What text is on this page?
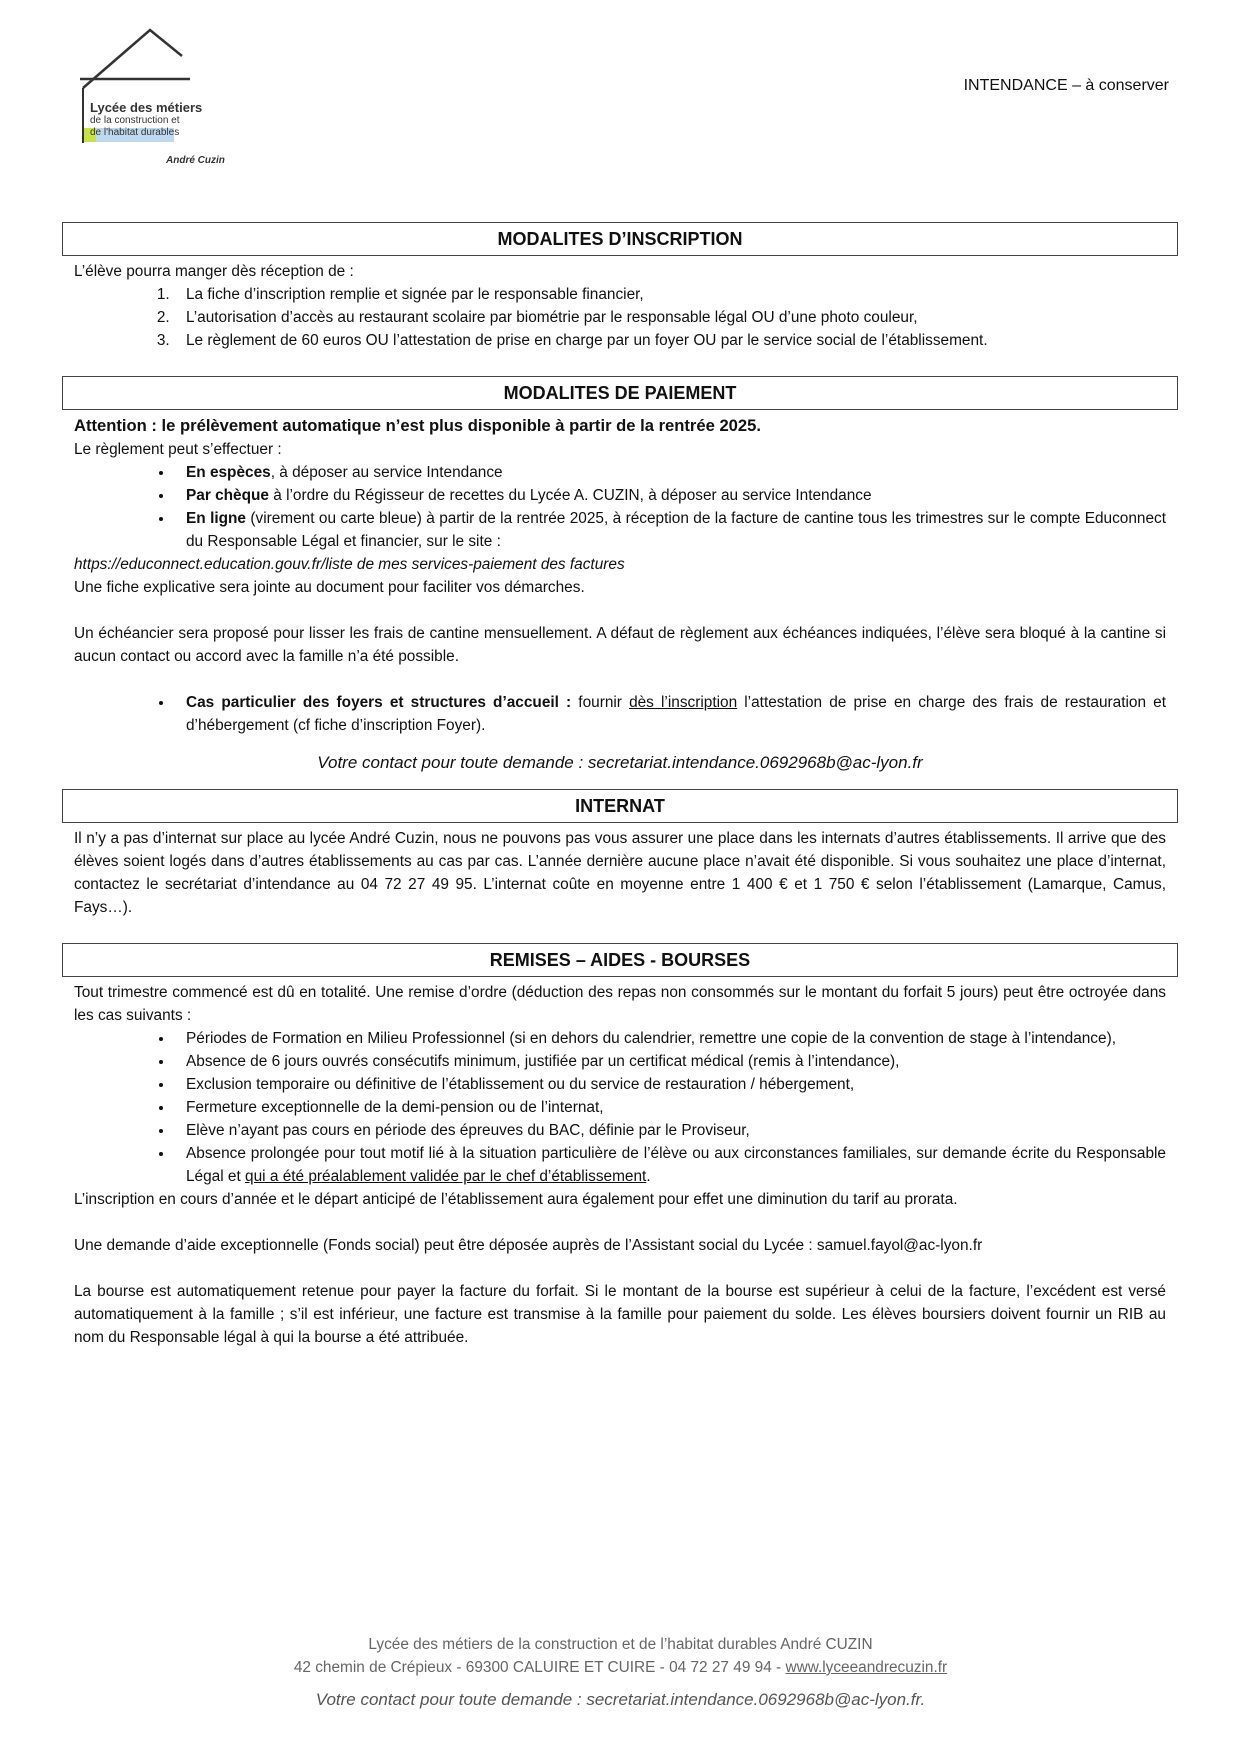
Lycée des métiers
de la construction et
de l'habitat durables
André Cuzin
INTENDANCE – à conserver
MODALITES D’INSCRIPTION
L’élève pourra manger dès réception de :
1. La fiche d’inscription remplie et signée par le responsable financier,
2. L’autorisation d’accès au restaurant scolaire par biométrie par le responsable légal OU d’une photo couleur,
3. Le règlement de 60 euros OU l’attestation de prise en charge par un foyer OU par le service social de l’établissement.
MODALITES DE PAIEMENT
Attention : le prélèvement automatique n’est plus disponible à partir de la rentrée 2025.
Le règlement peut s’effectuer :
• En espèces, à déposer au service Intendance
• Par chèque à l’ordre du Régisseur de recettes du Lycée A. CUZIN, à déposer au service Intendance
• En ligne (virement ou carte bleue) à partir de la rentrée 2025, à réception de la facture de cantine tous les trimestres sur le compte Educonnect du Responsable Légal et financier, sur le site :
https://educonnect.education.gouv.fr/liste de mes services-paiement des factures
Une fiche explicative sera jointe au document pour faciliter vos démarches.
Un échéancier sera proposé pour lisser les frais de cantine mensuellement. A défaut de règlement aux échéances indiquées, l’élève sera bloqué à la cantine si aucun contact ou accord avec la famille n’a été possible.
• Cas particulier des foyers et structures d’accueil : fournir dès l’inscription l’attestation de prise en charge des frais de restauration et d’hébergement (cf fiche d’inscription Foyer).
Votre contact pour toute demande : secretariat.intendance.0692968b@ac-lyon.fr
INTERNAT
Il n’y a pas d’internat sur place au lycée André Cuzin, nous ne pouvons pas vous assurer une place dans les internats d’autres établissements. Il arrive que des élèves soient logés dans d’autres établissements au cas par cas. L’année dernière aucune place n’avait été disponible. Si vous souhaitez une place d’internat, contactez le secrétariat d’intendance au 04 72 27 49 95. L’internat coûte en moyenne entre 1 400 € et 1 750 € selon l’établissement (Lamarque, Camus, Fays…).
REMISES – AIDES - BOURSES
Tout trimestre commencé est dû en totalité. Une remise d’ordre (déduction des repas non consommés sur le montant du forfait 5 jours) peut être octroyée dans les cas suivants :
• Périodes de Formation en Milieu Professionnel (si en dehors du calendrier, remettre une copie de la convention de stage à l’intendance),
• Absence de 6 jours ouvrés consécutifs minimum, justifiée par un certificat médical (remis à l’intendance),
• Exclusion temporaire ou définitive de l’établissement ou du service de restauration / hébergement,
• Fermeture exceptionnelle de la demi-pension ou de l’internat,
• Elève n’ayant pas cours en période des épreuves du BAC, définie par le Proviseur,
• Absence prolongée pour tout motif lié à la situation particulière de l’élève ou aux circonstances familiales, sur demande écrite du Responsable Légal et qui a été préalablement validée par le chef d’établissement.
L’inscription en cours d’année et le départ anticipé de l’établissement aura également pour effet une diminution du tarif au prorata.
Une demande d’aide exceptionnelle (Fonds social) peut être déposée auprès de l’Assistant social du Lycée : samuel.fayol@ac-lyon.fr
La bourse est automatiquement retenue pour payer la facture du forfait. Si le montant de la bourse est supérieur à celui de la facture, l’excédent est versé automatiquement à la famille ; s’il est inférieur, une facture est transmise à la famille pour paiement du solde. Les élèves boursiers doivent fournir un RIB au nom du Responsable légal à qui la bourse a été attribuée.
Lycée des métiers de la construction et de l’habitat durables André CUZIN
42 chemin de Crépieux - 69300 CALUIRE ET CUIRE - 04 72 27 49 94 - www.lyceeandrecuzin.fr
Votre contact pour toute demande : secretariat.intendance.0692968b@ac-lyon.fr.
